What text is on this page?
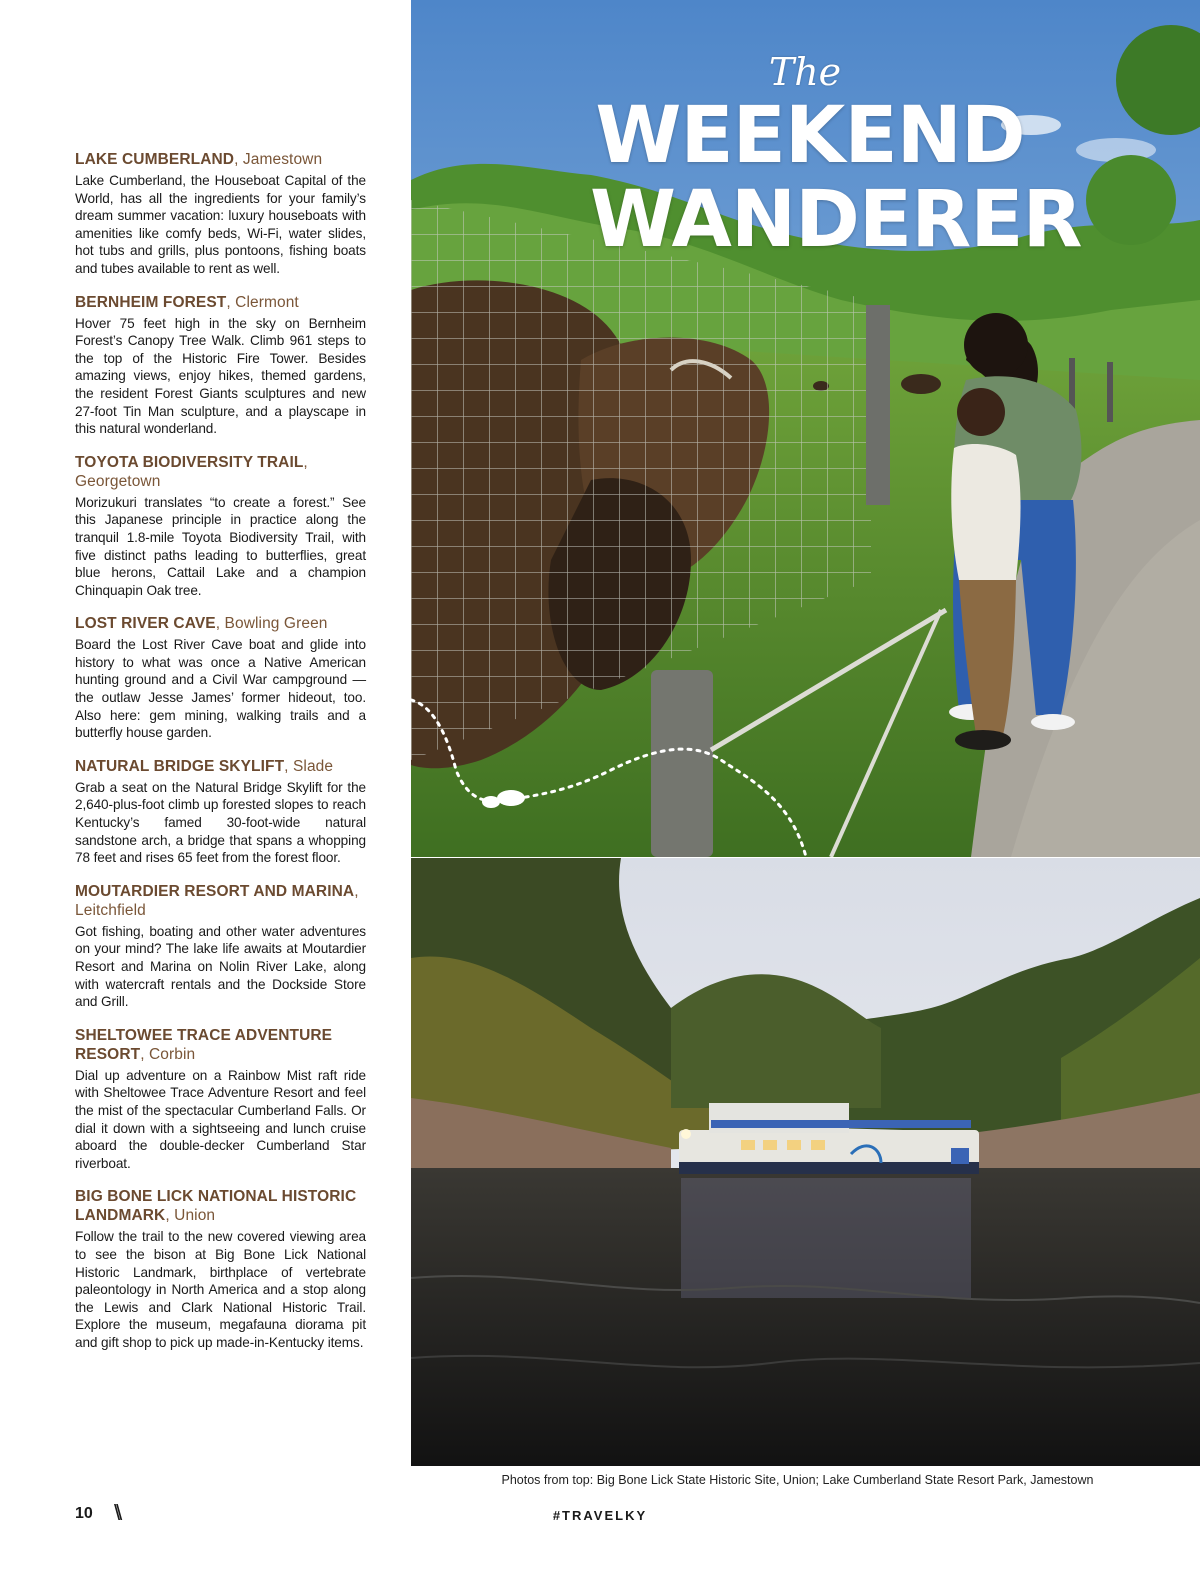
LAKE CUMBERLAND, Jamestown

Lake Cumberland, the Houseboat Capital of the World, has all the ingredients for your family’s dream summer vacation: luxury houseboats with amenities like comfy beds, Wi-Fi, water slides, hot tubs and grills, plus pontoons, fishing boats and tubes available to rent as well.

BERNHEIM FOREST, Clermont

Hover 75 feet high in the sky on Bernheim Forest’s Canopy Tree Walk. Climb 961 steps to the top of the Historic Fire Tower. Besides amazing views, enjoy hikes, themed gardens, the resident Forest Giants sculptures and new 27-foot Tin Man sculpture, and a playscape in this natural wonderland.

TOYOTA BIODIVERSITY TRAIL, Georgetown

Morizukuri translates “to create a forest.” See this Japanese principle in practice along the tranquil 1.8-mile Toyota Biodiversity Trail, with five distinct paths leading to butterflies, great blue herons, Cattail Lake and a champion Chinquapin Oak tree.

LOST RIVER CAVE, Bowling Green

Board the Lost River Cave boat and glide into history to what was once a Native American hunting ground and a Civil War campground — the outlaw Jesse James’ former hideout, too. Also here: gem mining, walking trails and a butterfly house garden.

NATURAL BRIDGE SKYLIFT, Slade

Grab a seat on the Natural Bridge Skylift for the 2,640-plus-foot climb up forested slopes to reach Kentucky’s famed 30-foot-wide natural sandstone arch, a bridge that spans a whopping 78 feet and rises 65 feet from the forest floor.

MOUTARDIER RESORT AND MARINA, Leitchfield

Got fishing, boating and other water adventures on your mind? The lake life awaits at Moutardier Resort and Marina on Nolin River Lake, along with watercraft rentals and the Dockside Store and Grill.

SHELTOWEE TRACE ADVENTURE RESORT, Corbin

Dial up adventure on a Rainbow Mist raft ride with Sheltowee Trace Adventure Resort and feel the mist of the spectacular Cumberland Falls. Or dial it down with a sightseeing and lunch cruise aboard the double-decker Cumberland Star riverboat.

BIG BONE LICK NATIONAL HISTORIC LANDMARK, Union

Follow the trail to the new covered viewing area to see the bison at Big Bone Lick National Historic Landmark, birthplace of vertebrate paleontology in North America and a stop along the Lewis and Clark National Historic Trail. Explore the museum, megafauna diorama pit and gift shop to pick up made-in-Kentucky items.

The
WEEKEND
WANDERER
Photos from top: Big Bone Lick State Historic Site, Union; Lake Cumberland State Resort Park, Jamestown
10 \\	#TRAVELKY
